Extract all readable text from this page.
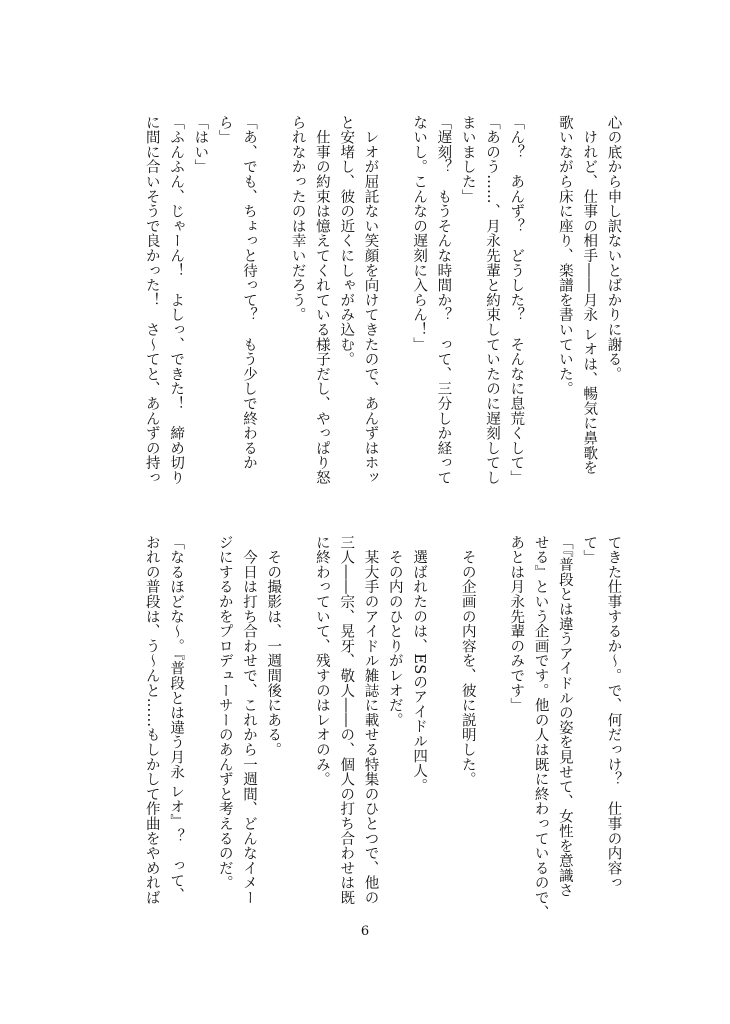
心の底から申し訳ないとばかりに謝る。

　けれど、仕事の相手――月永 レオは、暢気に鼻歌を

歌いながら床に座り、楽譜を書いていた。

「ん？　あんず？　どうした？　そんなに息荒くして」

「あのう……、月永先輩と約束していたのに遅刻してし

まいました」

「遅刻？　もうそんな時間か？　って、三分しか経って

ないし。こんなの遅刻に入らん！」

　レオが屈託ない笑顔を向けてきたので、あんずはホッ

と安堵し、彼の近くにしゃがみ込む。

　仕事の約束は憶えてくれている様子だし、やっぱり怒

られなかったのは幸いだろう。

「あ、でも、ちょっと待って？　もう少しで終わるか

ら」

「はい」

「ふんふん、じゃーん！　よしっ、できた！　締め切り

に間に合いそうで良かった！　さ～てと、あんずの持っ

てきた仕事するか～。で、何だっけ？　仕事の内容っ

て」

「『普段とは違うアイドルの姿を見せて、女性を意識さ

せる』という企画です。他の人は既に終わっているので、

あとは月永先輩のみです」

　その企画の内容を、彼に説明した。

　選ばれたのは、ESのアイドル四人。

　その内のひとりがレオだ。

　某大手のアイドル雑誌に載せる特集のひとつで、他の

三人――宗、晃牙、敬人――の、個人の打ち合わせは既

に終わっていて、残すのはレオのみ。

　その撮影は、一週間後にある。

　今日は打ち合わせで、これから一週間、どんなイメー

ジにするかをプロデューサーのあんずと考えるのだ。

「なるほどな～。『普段とは違う月永 レオ』？　って、

おれの普段は、う～んと……もしかして作曲をやめれば

6
